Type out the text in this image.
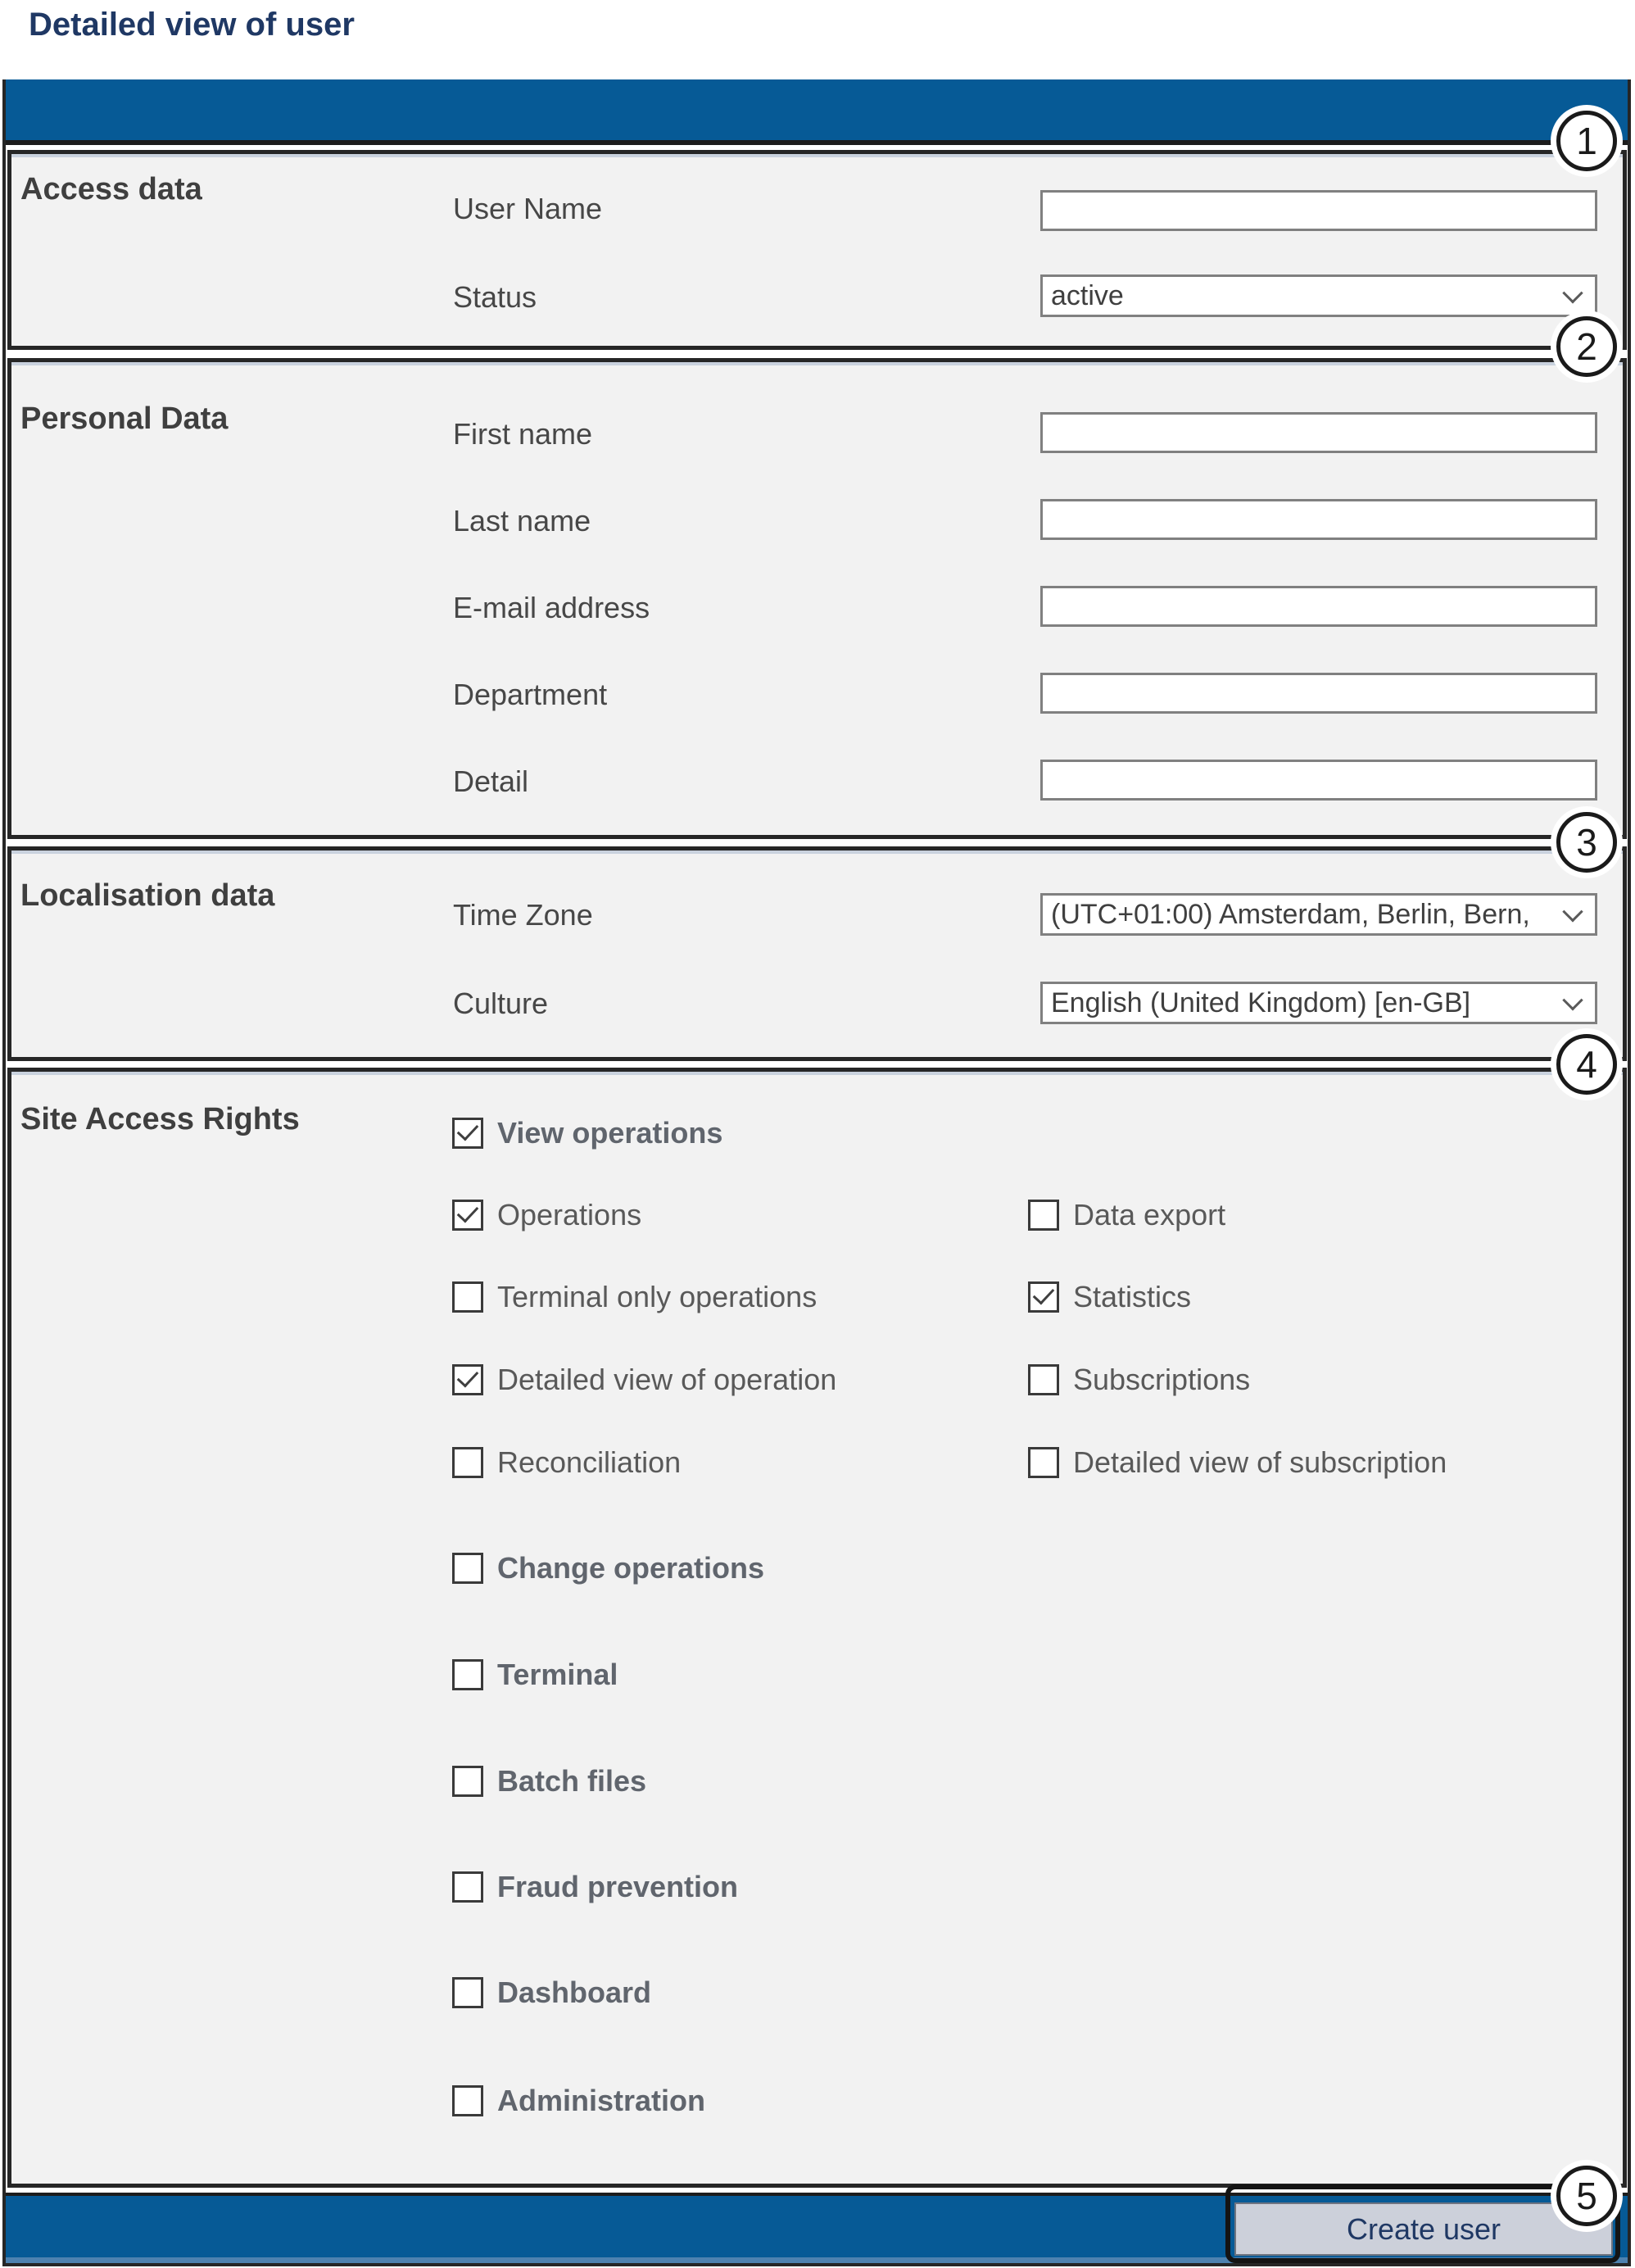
Detailed view of user
Access data
User Name
Status	active
Personal Data	First name
Last name
E-mail address
Department
Detail
Localisation data
Time Zone	(UTC+01:00) Amsterdam, Berlin, Bern,
Culture	English (United Kingdom) [en-GB]
Site Access Rights	View operations
Operations	Data export
Terminal only operations	Statistics
Detailed view of operation	Subscriptions
Reconciliation	Detailed view of subscription
Change operations
Terminal
Batch files
Fraud prevention
Dashboard
Administration
Create user
1
2
3
4
5
